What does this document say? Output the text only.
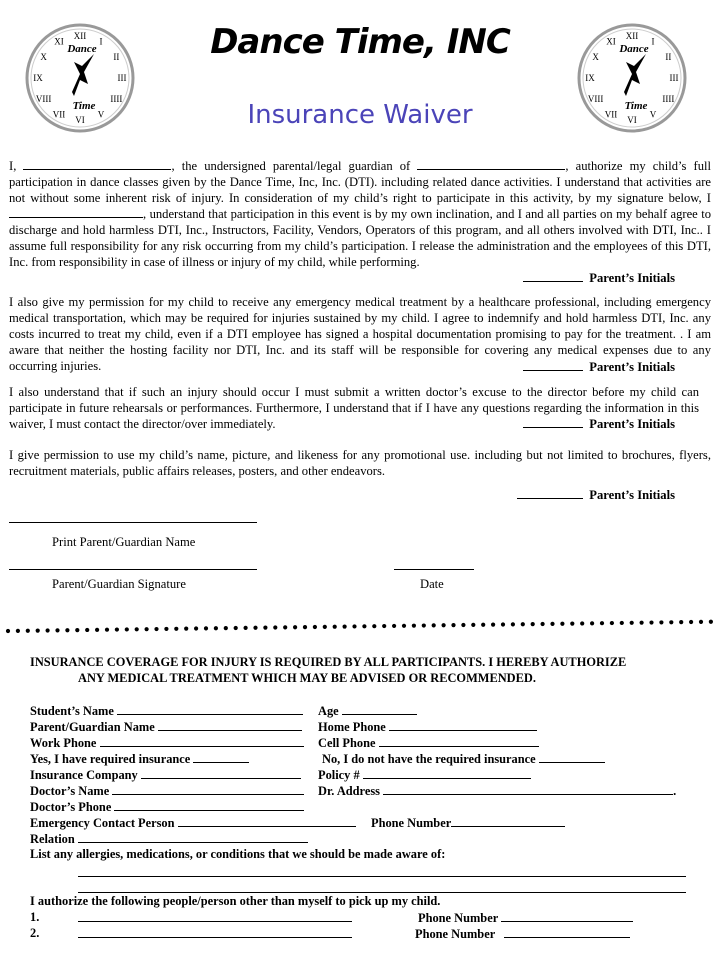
XII
I
II
III
IIII
V
VI
VII
VIII
IX
X
XI
Dance
Time
XII
I
II
III
IIII
V
VI
VII
VIII
IX
X
XI
Dance
Time
Dance Time, INC
Insurance Waiver
I,	, the undersigned parental/legal guardian of	, authorize my child’s full participation in dance classes given by the Dance Time, Inc, Inc. (DTI). including related dance activities. I understand that activities are not without some inherent risk of injury. In consideration of my child’s right to participate in this activity, by my signature below, I , understand that participation in this event is by my own inclination, and I and all parties on my behalf agree to discharge and hold harmless DTI, Inc., Instructors, Facility, Vendors, Operators of this program, and all others involved with DTI, Inc.. I assume full responsibility for any risk occurring from my child’s participation. I release the administration and the employees of this DTI, Inc. from responsibility in case of illness or injury of my child, while performing.
Parent’s Initials
I also give my permission for my child to receive any emergency medical treatment by a healthcare professional, including emergency medical transportation, which may be required for injuries sustained by my child. I agree to indemnify and hold harmless DTI, Inc. any costs incurred to treat my child, even if a DTI employee has signed a hospital documentation promising to pay for the treatment. . I am aware that neither the hosting facility nor DTI, Inc. and its staff will be responsible for covering any medical expenses due to any occurring injuries.	Parent’s Initials
I also understand that if such an injury should occur I must submit a written doctor’s excuse to the director before my child can participate in future rehearsals or performances. Furthermore, I understand that if I have any questions regarding the information in this waiver, I must contact the director/over immediately.	Parent’s Initials
I give permission to use my child’s name, picture, and likeness for any promotional use. including but not limited to brochures, flyers, recruitment materials, public affairs releases, posters, and other endeavors.
Parent’s Initials
Print Parent/Guardian Name
Parent/Guardian Signature	Date
INSURANCE COVERAGE FOR INJURY IS REQUIRED BY ALL PARTICIPANTS. I HEREBY AUTHORIZE
ANY MEDICAL TREATMENT WHICH MAY BE ADVISED OR RECOMMENDED.
Student’s Name	Age
Parent/Guardian Name	Home Phone
Work Phone	Cell Phone
Yes, I have required insurance	No, I do not have the required insurance
Insurance Company	Policy #
Doctor’s Name	Dr. Address	.
Doctor’s Phone
Emergency Contact Person	Phone Number
Relation
List any allergies, medications, or conditions that we should be made aware of:
I authorize the following people/person other than myself to pick up my child.
1.	Phone Number
2.	Phone Number
